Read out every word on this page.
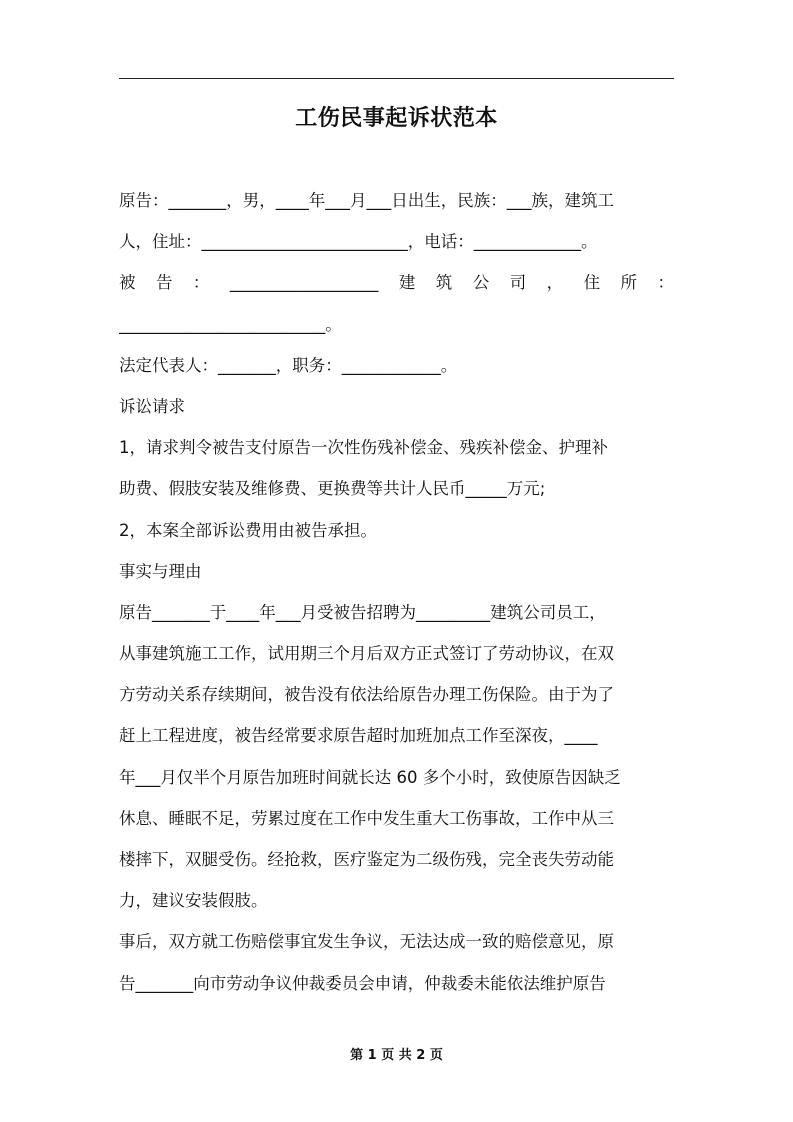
工伤民事起诉状范本
原告：_______，男，____年___月___日出生，民族：___族，建筑工
人，住址：_________________________，电话：_____________。
被 告 ： __________________ 建 筑 公 司 ， 住 所 ：
_________________________。
法定代表人：_______，职务：____________。
诉讼请求
1，请求判令被告支付原告一次性伤残补偿金、残疾补偿金、护理补
助费、假肢安装及维修费、更换费等共计人民币_____万元;
2，本案全部诉讼费用由被告承担。
事实与理由
原告_______于____年___月受被告招聘为_________建筑公司员工，
从事建筑施工工作，试用期三个月后双方正式签订了劳动协议，在双
方劳动关系存续期间，被告没有依法给原告办理工伤保险。由于为了
赶上工程进度，被告经常要求原告超时加班加点工作至深夜，____
年___月仅半个月原告加班时间就长达 60 多个小时，致使原告因缺乏
休息、睡眠不足，劳累过度在工作中发生重大工伤事故，工作中从三
楼摔下，双腿受伤。经抢救，医疗鉴定为二级伤残，完全丧失劳动能
力，建议安装假肢。
事后，双方就工伤赔偿事宜发生争议，无法达成一致的赔偿意见，原
告_______向市劳动争议仲裁委员会申请，仲裁委未能依法维护原告
第 1 页 共 2 页
